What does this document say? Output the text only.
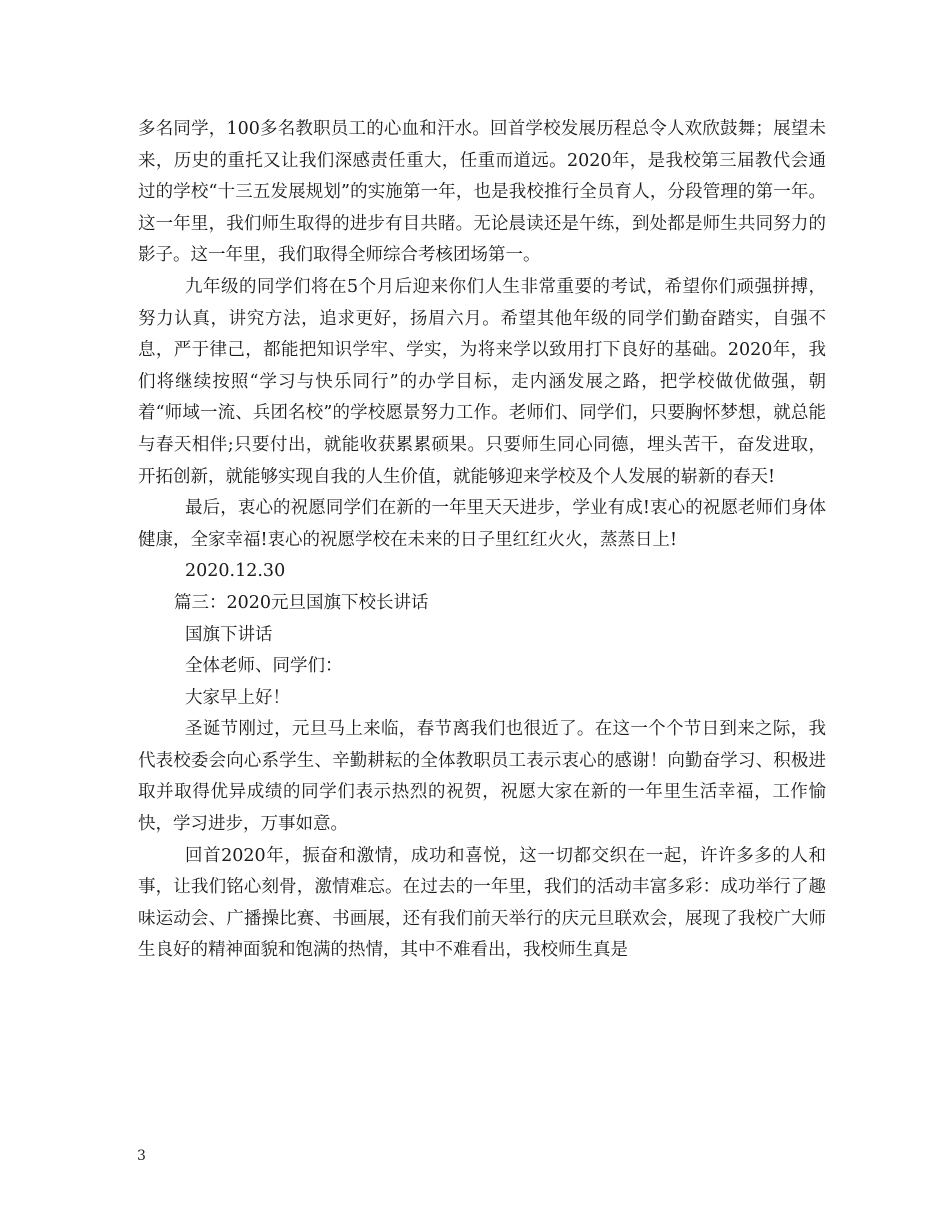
多名同学，100多名教职员工的心血和汗水。回首学校发展历程总令人欢欣鼓舞；展望未来，历史的重托又让我们深感责任重大，任重而道远。2020年，是我校第三届教代会通过的学校“十三五发展规划”的实施第一年，也是我校推行全员育人，分段管理的第一年。这一年里，我们师生取得的进步有目共睹。无论晨读还是午练，到处都是师生共同努力的影子。这一年里，我们取得全师综合考核团场第一。

九年级的同学们将在5个月后迎来你们人生非常重要的考试，希望你们顽强拼搏，努力认真，讲究方法，追求更好，扬眉六月。希望其他年级的同学们勤奋踏实，自强不息，严于律己，都能把知识学牢、学实，为将来学以致用打下良好的基础。2020年，我们将继续按照“学习与快乐同行”的办学目标，走内涵发展之路，把学校做优做强，朝着“师域一流、兵团名校”的学校愿景努力工作。老师们、同学们，只要胸怀梦想，就总能与春天相伴;只要付出，就能收获累累硕果。只要师生同心同德，埋头苦干，奋发进取，开拓创新，就能够实现自我的人生价值，就能够迎来学校及个人发展的崭新的春天!

最后，衷心的祝愿同学们在新的一年里天天进步，学业有成!衷心的祝愿老师们身体健康，全家幸福!衷心的祝愿学校在未来的日子里红红火火，蒸蒸日上!

2020.12.30

篇三：2020元旦国旗下校长讲话

国旗下讲话

全体老师、同学们：

大家早上好！

圣诞节刚过，元旦马上来临，春节离我们也很近了。在这一个个节日到来之际，我代表校委会向心系学生、辛勤耕耘的全体教职员工表示衷心的感谢！向勤奋学习、积极进取并取得优异成绩的同学们表示热烈的祝贺，祝愿大家在新的一年里生活幸福，工作愉快，学习进步，万事如意。

回首2020年，振奋和激情，成功和喜悦，这一切都交织在一起，许许多多的人和事，让我们铭心刻骨，激情难忘。在过去的一年里，我们的活动丰富多彩：成功举行了趣味运动会、广播操比赛、书画展，还有我们前天举行的庆元旦联欢会，展现了我校广大师生良好的精神面貌和饱满的热情，其中不难看出，我校师生真是

3
